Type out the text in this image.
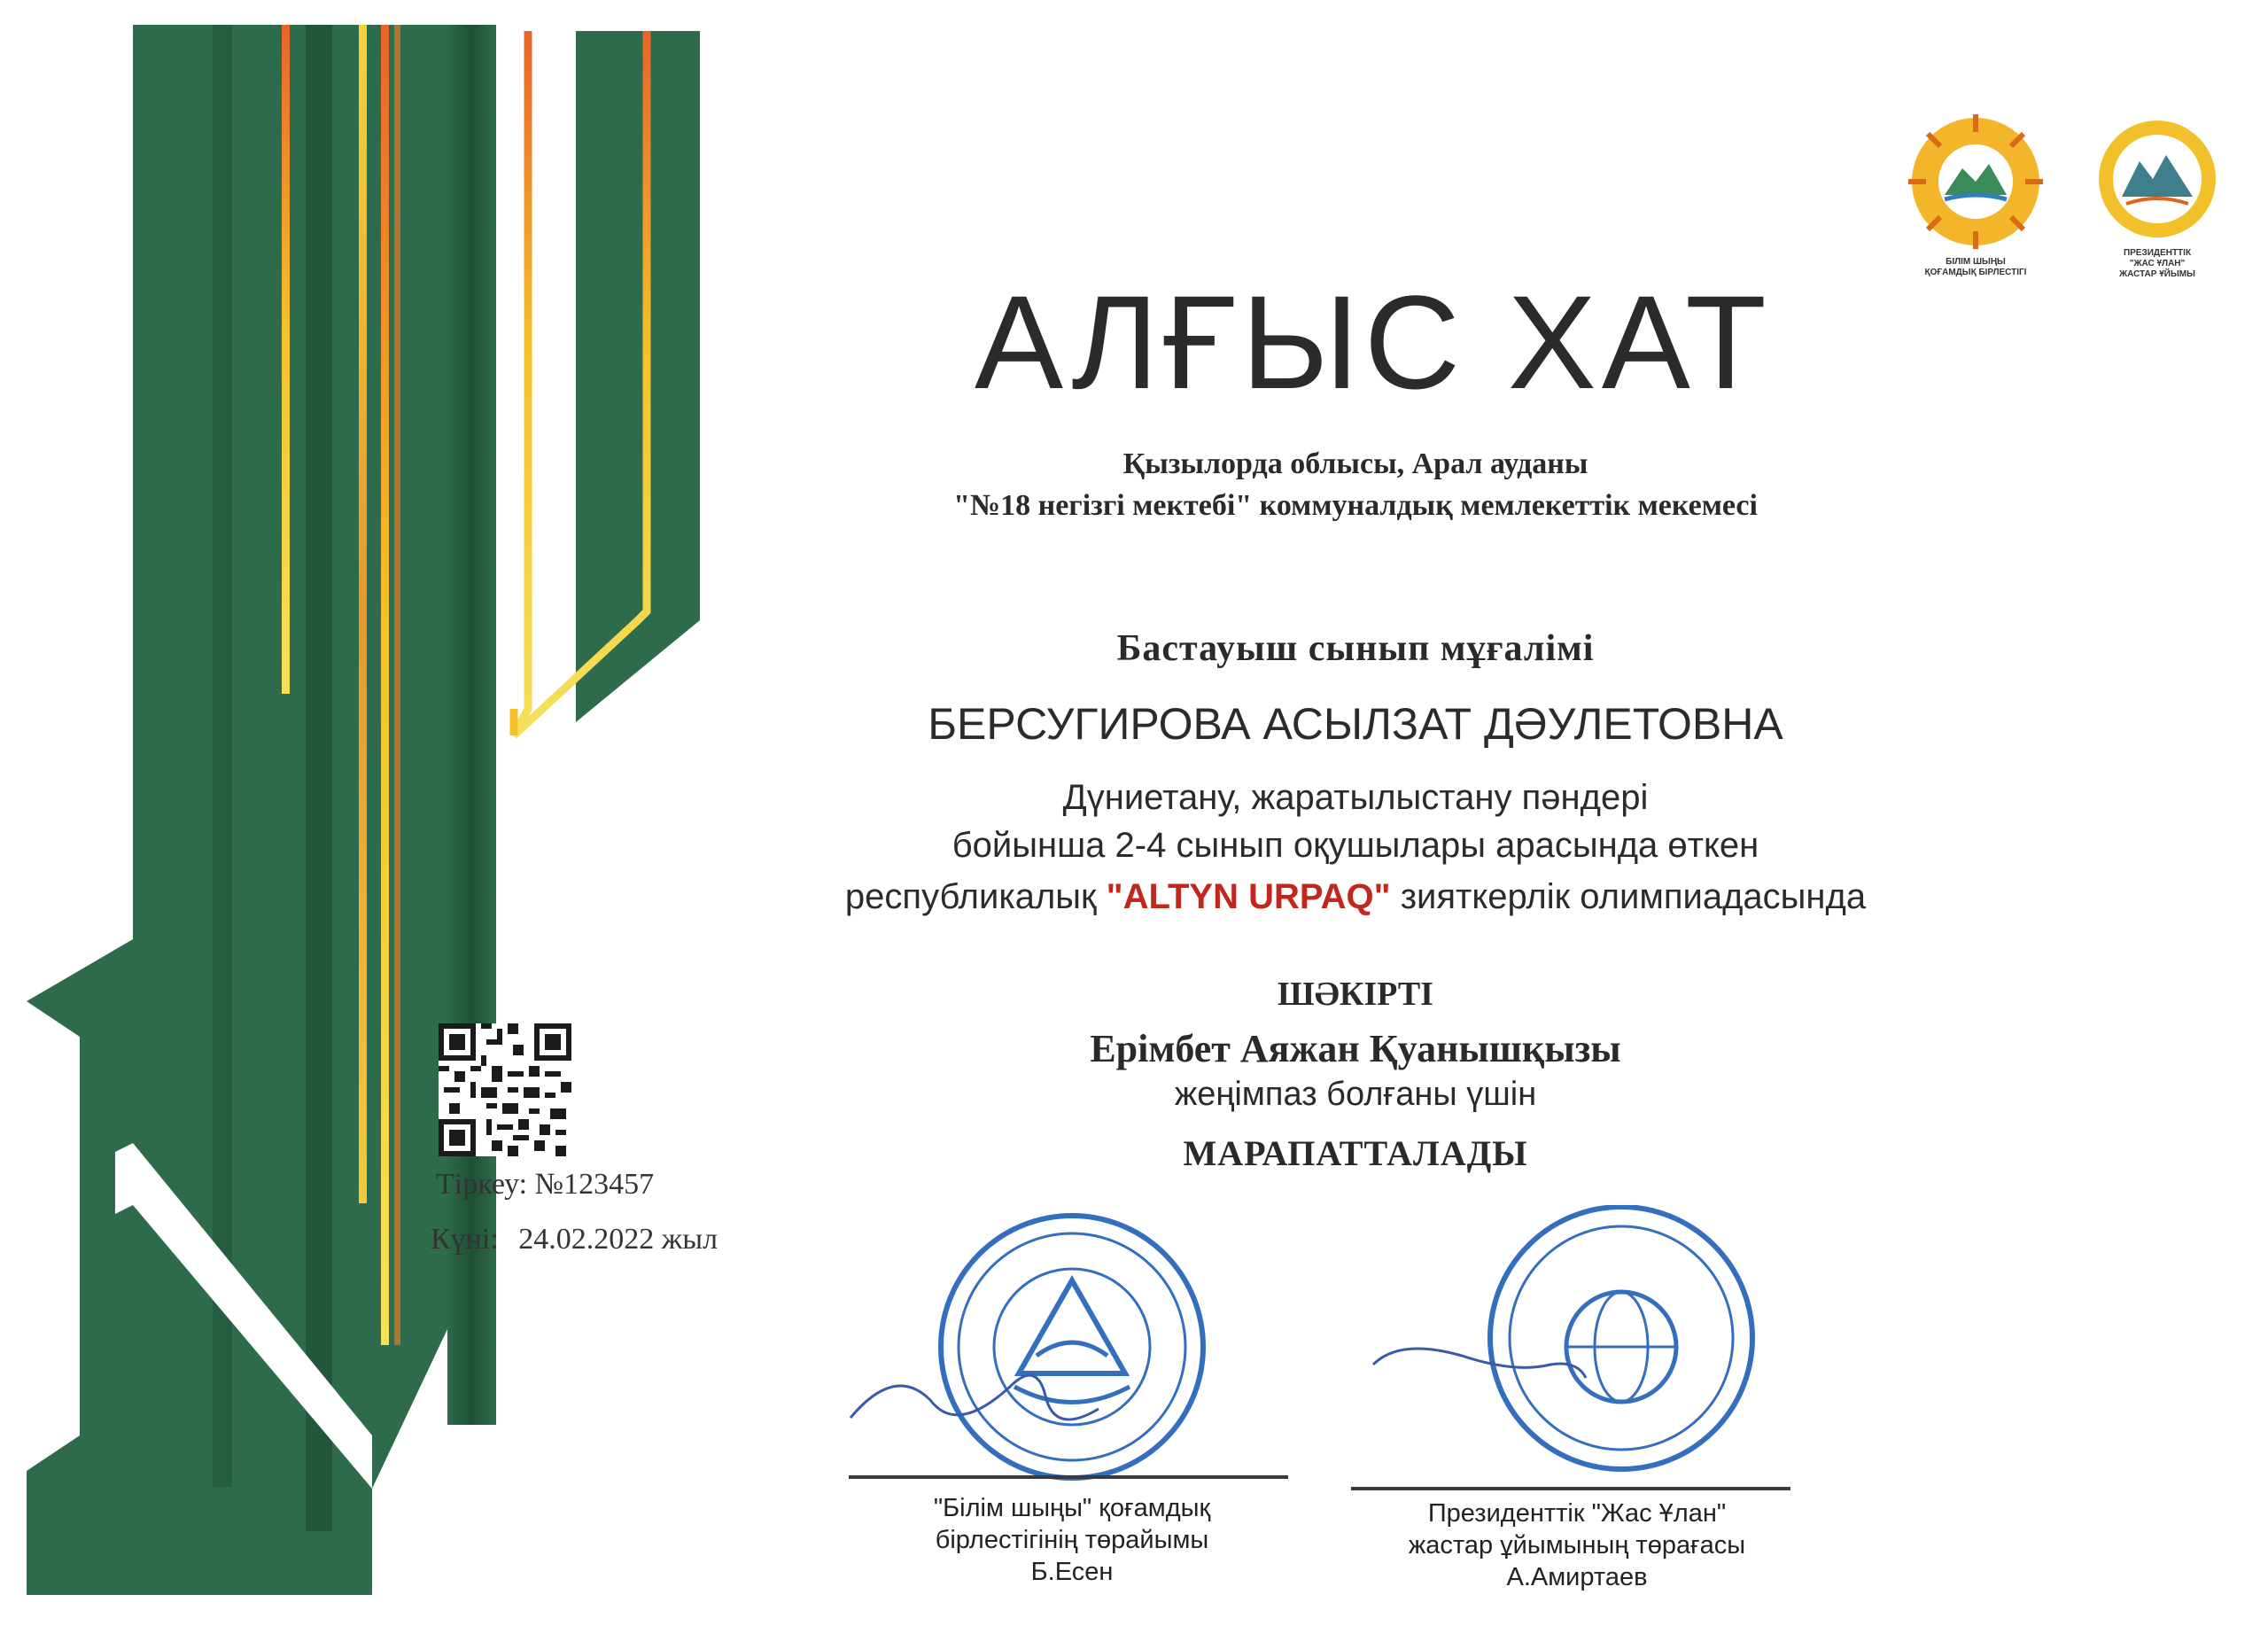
БІЛІМ ШЫҢЫ
ҚОҒАМДЫҚ БІРЛЕСТІГІ
ПРЕЗИДЕНТТІК
"ЖАС ҰЛАН"
ЖАСТАР ҰЙЫМЫ
АЛҒЫС ХАТ
Қызылорда облысы, Арал ауданы
"№18 негізгі мектебі" коммуналдық мемлекеттік мекемесі
Бастауыш сынып мұғалімі
БЕРСУГИРОВА АСЫЛЗАТ ДӘУЛЕТОВНА
Дүниетану, жаратылыстану пәндері
бойынша 2-4 сынып оқушылары арасында өткен
республикалық "ALTYN URPAQ" зияткерлік олимпиадасында
ШӘКІРТІ
Ерімбет Аяжан Қуанышқызы
жеңімпаз болғаны үшін
МАРАПАТТАЛАДЫ
Тіркеу: №123457
Күні: 24.02.2022 жыл
"Білім шыңы" қоғамдық
бірлестігінің төрайымы
Б.Есен
Президенттік "Жас Ұлан"
жастар ұйымының төрағасы
А.Амиртаев
